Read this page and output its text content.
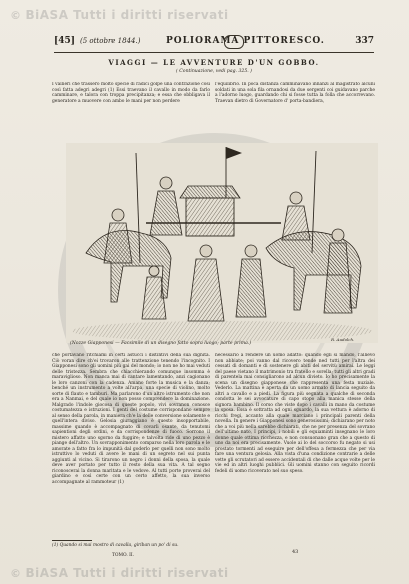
© BiASA Tutti i diritti riservati
[45] (5 ottobre 1844.)	POLIORAMA PITTORESCO.	337
VIAGGI — LE AVVENTURE D'UN GOBBO.
( Continuazione, vedi pag. 325. )
I vallieri che trassero molto specie di radici golpe una contrazione così così fatta adegri adegri (1) Essi traevano il cavallo in modo da farlo camminare, e talora con troppa precipitanza; e essa che obbligava il generatore a muovere con ambo le mani per non perdere
l'equilibrio. In poca distanza camminavano innanzi al magistrato alcuni soldati in una sola fila ornandosi da due sergenti coi guidavano parche a l'adorno luogo, guardando chi si fosse tutta la folla che accorrevano. Traevan dietro di Governatore d' porta-bandiera,
(Nozze Giapponesi — Facsimile di un disegno fatto sopra luogo; parte prima.)
R. Audolch.
che portavano ritchiami in certi astucci i distintivi della sua dignità. Ciò voran dire ch'ei trovaron alle trattenzione tenendo l'incognito. I Giapponesi sono gli uomini più gai del mondo; io non ne ho mai veduti delle tristezza. Sembra che chiacchierando comunque insomma è maraviglioso. Non manca mai di cantare lamentando, anzi cagionano le loro canzoni con la cadenza. Amano forte la musica e la danza; benché un instrumento a volte all'arpa, una specie di violino, molto sorte di flauto e tamburi. Ma parlarono d'un altro istrumento che non era a Nanmai, e del quale io non posso comprendere la dominazione. Malgrado l'indole giocosa di queste popolo, vivi sovranon conosce costumatezza e istruzioni. I genti del costume corrispondano sempre al senso della parola, in maniera ch'e la delle conversione solamente e quell'intera diviso. Gelosia giuraggiano è questo insopportabile, massime quando è accompagnato di covarli osante, da tenutomi sapientioni degli ordini, e da corrispondenze di fuoco. Sorrono il mistero affatto uno sgorno da fuggire; e talvolta ride di uno pezzo è piange dell'altro. Un sovrapponimento comparso nella loro parola e le amorate a fatto fra lo impunità dal goderlo per quelli non sono molto istruttivo lo veduti di avere le mani di un segreto nel sui punta aggiunti al vicino. Si tirarono un negro i donni della sposa, la quale deve aver portato per tutto il resto della sua vita. A tal segno riconoscerai la donna maritata e le vedove. Al tutti porte proverai del giardino e così certe con un certo affetto, la sua inverso accompagnate al rammoteur (1)
necessario a rendere un uomo adatto: quando egli si mandò, l'allievo non abbiate; poi vanno dal ricovero tende ned tutti per l'altra dei cessati di domanti e di sostenere gli abiti del servitù amirai. Le leggi del paese vietano il matrimonio tra fratello e sorella; tutti gli altri gradi di parentela mai consigliarono ad alcun divieto. Io ho precisamente la scena un disegno giapponese che rappresenta una festa nuziale. Vederlo. La mattina è aperta da un uomo armato di lancia seguito da altri a cavallo e a piedi. La figura più segnata a qualche di seconda condotta le sei avvocature di capo stopo alla manica stesse della signora bambino. Il corso che viste dopo i cavalli in mano da costume la sposa. Essa è sottratta ad ogni sguardo, la sua vettura è adorno di ricchi fregi, accanto alla quale marciano i principali parenti della novella. In genere i Giapponesi sono generosissimi; dichiarano per noto che a voi più nella sarebbe dichiarati, che ne per presenza del sovrano dell'ultimo nato, I principi, i nobili e gli equiaminti insegnano le loro donne quale ottima ricchezza, e non consuonano gran che a questo di uno da noi era precisamente. Vuole ai lo del soccorso fu negato si usi prostato tormenti ad eseguire per dell'offesa a fermezza che per via fare una ventura gelosia. Alla vista d'una condizione contrarie a delle vette gli scrutatori ad essere accidentali di che dalle acque volte per le vie ed in altri luoghi pubblici. Gli uomini stanno con seguito ricordi fedeli di uomo ricoverato nel suo speso.
(1) Quando si mai mostro di cavalla, giriban un po' di su.
TOMO. II.
43
© BiASA Tutti i diritti riservati
